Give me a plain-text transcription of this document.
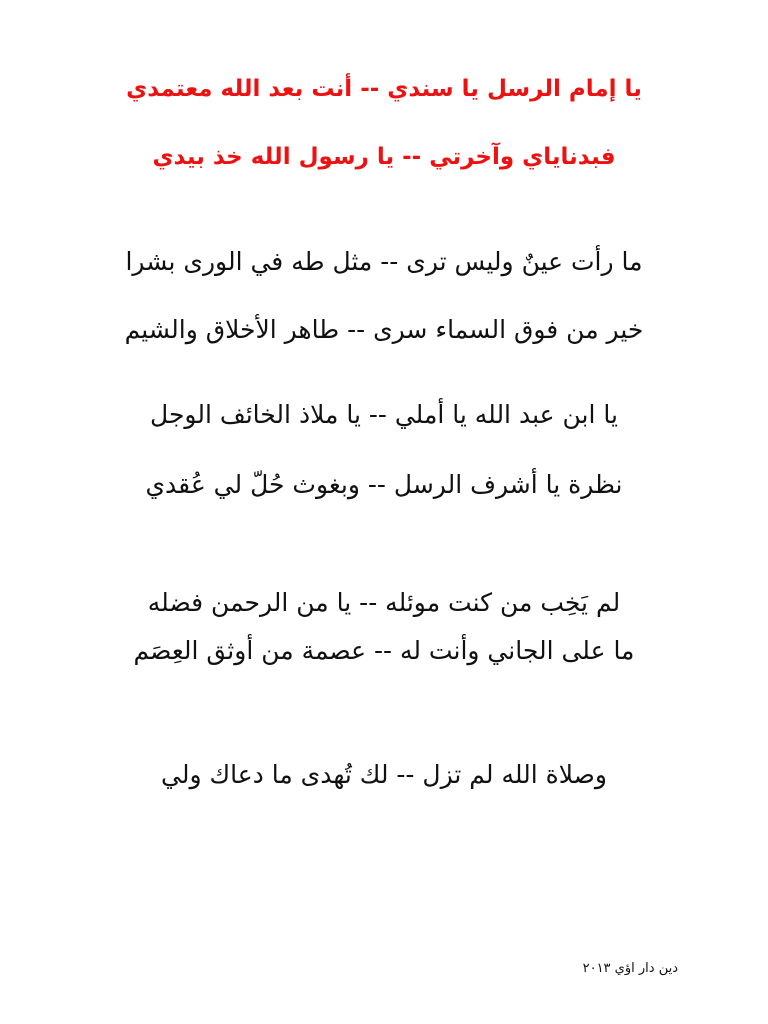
يا إمام الرسل يا سندي -- أنت بعد الله معتمدي
فبدناياي وآخرتي -- يا رسول الله خذ بيدي
ما رأت عينٌ وليس ترى -- مثل طه في الورى بشرا
خير من فوق السماء سرى -- طاهر الأخلاق والشيم
يا ابن عبد الله يا أملي -- يا ملاذ الخائف الوجل
نظرة يا أشرف الرسل -- وبغوث حُلّ لي عُقدي
لم يَخِب من كنت موئله -- يا من الرحمن فضله
ما على الجاني وأنت له -- عصمة من أوثق العِصَم
وصلاة الله لم تزل -- لك تُهدى ما دعاك ولي
دين دار اؤي ٢٠١٣
